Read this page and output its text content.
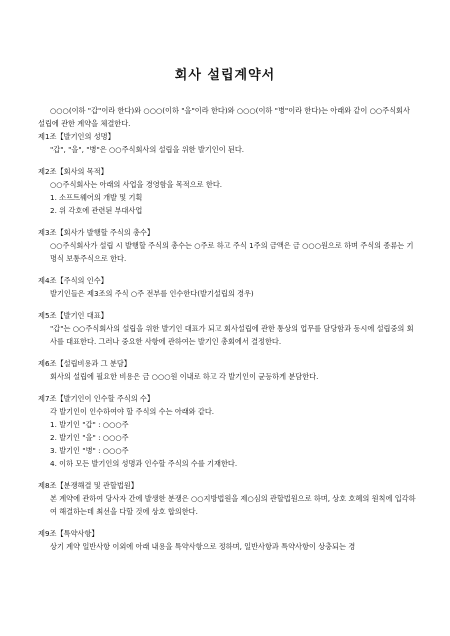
회사 설립계약서

○○○(이하 "갑"이라 한다)와 ○○○(이하 "을"이라 한다)와 ○○○(이하 "병"이라 한다)는 아래와 같이 ○○주식회사 설립에 관한 계약을 체결한다.

제1조【발기인의 성명】

"갑", "을", "병"은 ○○주식회사의 설립을 위한 발기인이 된다.

제2조【회사의 목적】

○○주식회사는 아래의 사업을 경영함을 목적으로 한다.

1. 소프트웨어의 개발 및 기획

2. 위 각호에 관련된 부대사업

제3조【회사가 발행할 주식의 총수】

○○주식회사가 설립 시 발행할 주식의 총수는 ○주로 하고 주식 1주의 금액은 금 ○○○원으로 하며 주식의 종류는 기명식 보통주식으로 한다.

제4조【주식의 인수】

발기인들은 제3조의 주식 ○주 전부를 인수한다(발기설립의 경우)

제5조【발기인 대표】

"갑"는 ○○주식회사의 설립을 위한 발기인 대표가 되고 회사설립에 관한 통상의 업무를 담당함과 동시에 설립중의 회사를 대표한다. 그러나 중요한 사항에 관하여는 발기인 총회에서 결정한다.

제6조【설립비용과 그 분담】

회사의 설립에 필요한 비용은 금 ○○○원 이내로 하고 각 발기인이 균등하게 분담한다.

제7조【발기인이 인수할 주식의 수】

각 발기인이 인수하여야 할 주식의 수는 아래와 같다.

1. 발기인 "갑" : ○○○주

2. 발기인 "을" : ○○○주

3. 발기인 "병" : ○○○주

4. 이하 모든 발기인의 성명과 인수할 주식의 수를 기재한다.

제8조【분쟁해결 및 관할법원】

본 계약에 관하여 당사자 간에 발생한 분쟁은 ○○지방법원을 제○심의 관할법원으로 하며, 상호 호혜의 원칙에 입각하여 해결하는데 최선을 다할 것에 상호 합의한다.

제9조【특약사항】

상기 계약 일반사항 이외에 아래 내용을 특약사항으로 정하며, 일반사항과 특약사항이 상충되는 경
